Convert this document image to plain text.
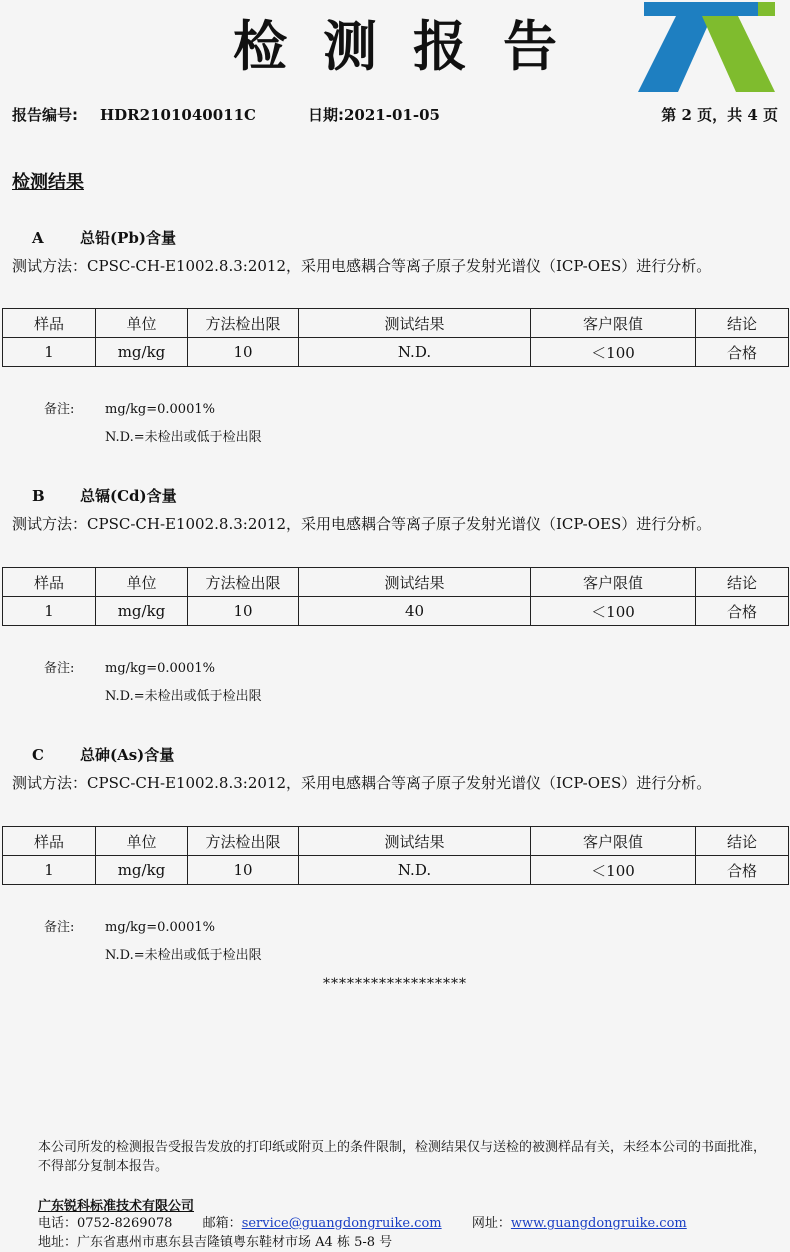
检测报告
报告编号: HDR2101040011C	日期:2021-01-05	第 2 页，共 4 页
检测结果
A 总铅(Pb)含量
测试方法：CPSC-CH-E1002.8.3:2012，采用电感耦合等离子原子发射光谱仪（ICP-OES）进行分析。
样品	单位	方法检出限	测试结果	客户限值	结论
1	mg/kg	10	N.D.	＜100	合格
备注: mg/kg=0.0001%
N.D.=未检出或低于检出限
B 总镉(Cd)含量
测试方法：CPSC-CH-E1002.8.3:2012，采用电感耦合等离子原子发射光谱仪（ICP-OES）进行分析。
样品	单位	方法检出限	测试结果	客户限值	结论
1	mg/kg	10	40	＜100	合格
备注: mg/kg=0.0001%
N.D.=未检出或低于检出限
C 总砷(As)含量
测试方法：CPSC-CH-E1002.8.3:2012，采用电感耦合等离子原子发射光谱仪（ICP-OES）进行分析。
样品	单位	方法检出限	测试结果	客户限值	结论
1	mg/kg	10	N.D.	＜100	合格
备注: mg/kg=0.0001%
N.D.=未检出或低于检出限
******************
本公司所发的检测报告受报告发放的打印纸或附页上的条件限制，检测结果仅与送检的被测样品有关，未经本公司的书面批准，不得部分复制本报告。
广东锐科标准技术有限公司
电话：0752-8269078 邮箱：service@guangdongruike.com 网址：www.guangdongruike.com
地址：广东省惠州市惠东县吉隆镇粤东鞋材市场 A4 栋 5-8 号
